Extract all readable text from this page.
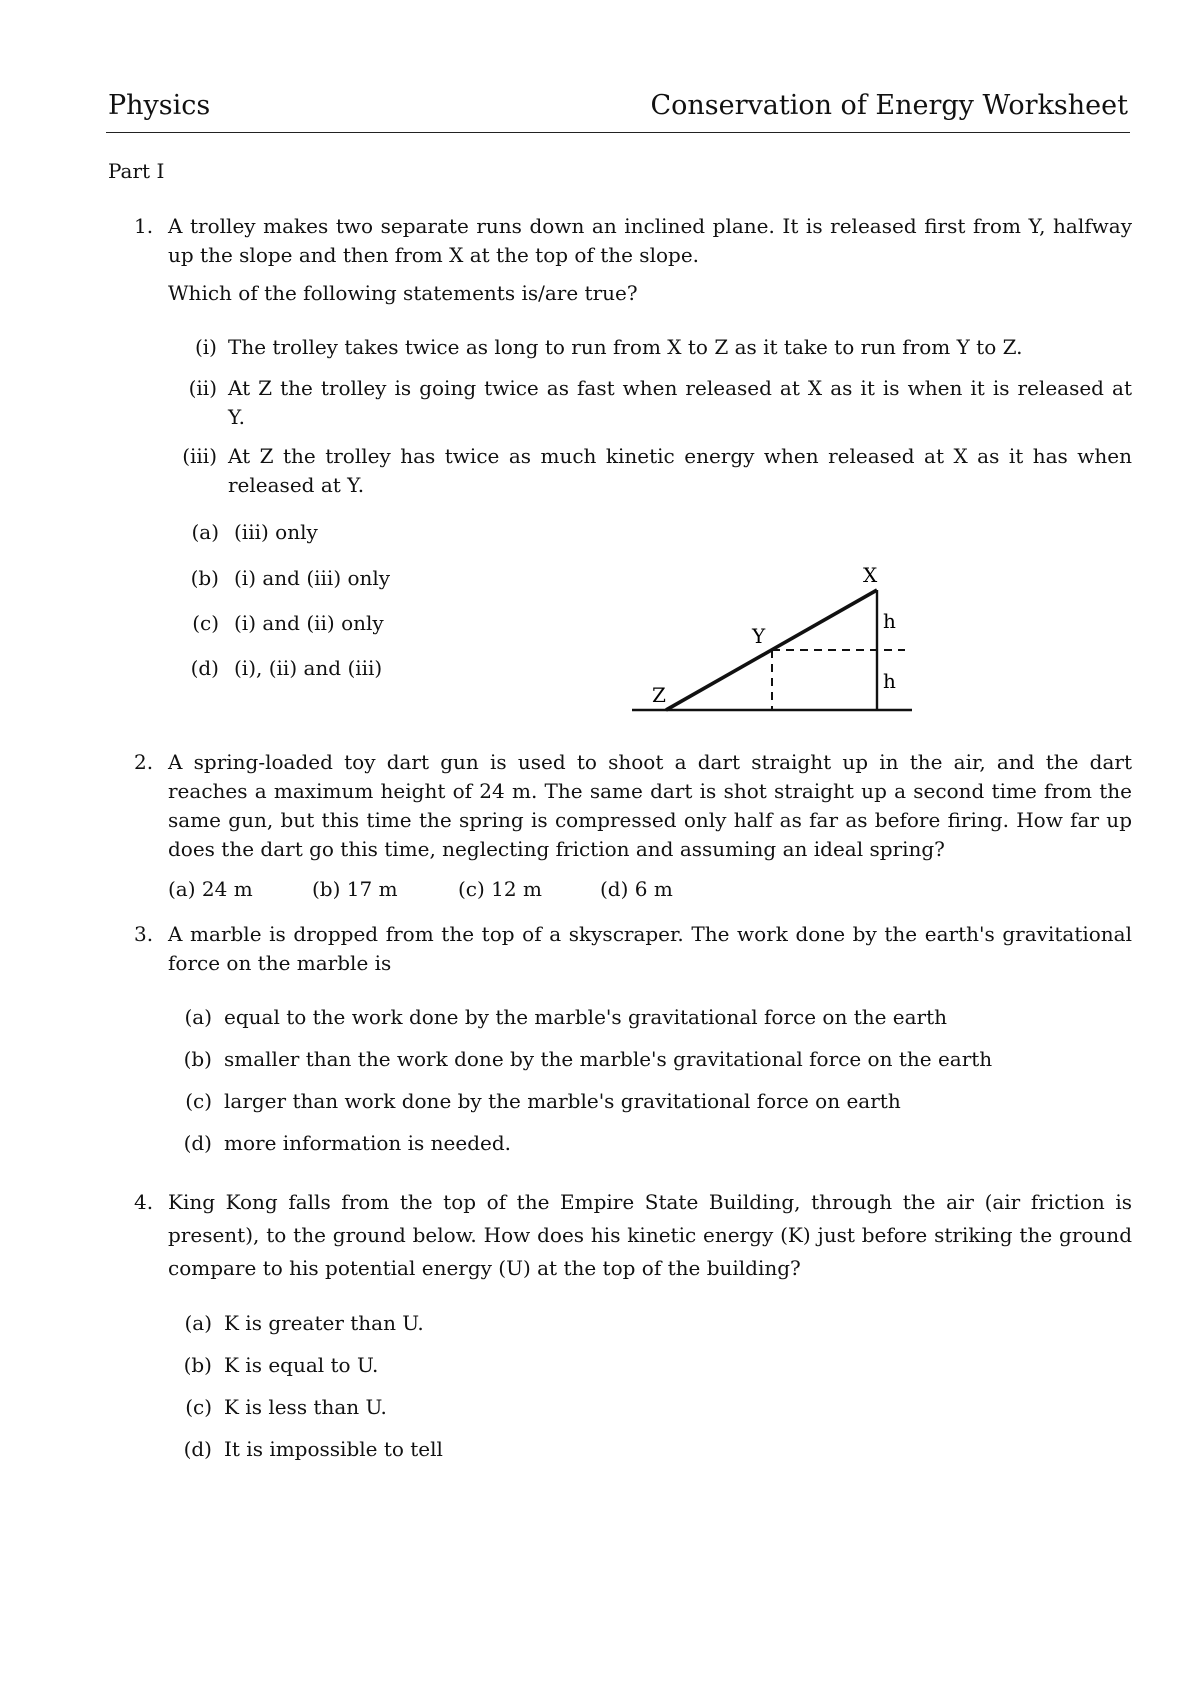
Physics	Conservation of Energy Worksheet
Part I
1. A trolley makes two separate runs down an inclined plane. It is released first from Y, halfway
up the slope and then from X at the top of the slope.
Which of the following statements is/are true?
(i) The trolley takes twice as long to run from X to Z as it take to run from Y to Z.
(ii) At Z the trolley is going twice as fast when released at X as it is when it is released at
Y.
(iii) At Z the trolley has twice as much kinetic energy when released at X as it has when
released at Y.
(a) (iii) only
(b) (i) and (iii) only
(c) (i) and (ii) only
(d) (i), (ii) and (iii)
X
Y
Z
h
h
2. A spring-loaded toy dart gun is used to shoot a dart straight up in the air, and the dart
reaches a maximum height of 24 m. The same dart is shot straight up a second time from the
same gun, but this time the spring is compressed only half as far as before firing. How far up
does the dart go this time, neglecting friction and assuming an ideal spring?
(a) 24 m	(b) 17 m	(c) 12 m	(d) 6 m
3. A marble is dropped from the top of a skyscraper. The work done by the earth's gravitational
force on the marble is
(a) equal to the work done by the marble's gravitational force on the earth
(b) smaller than the work done by the marble's gravitational force on the earth
(c) larger than work done by the marble's gravitational force on earth
(d) more information is needed.
4. King Kong falls from the top of the Empire State Building, through the air (air friction is
present), to the ground below. How does his kinetic energy (K) just before striking the ground
compare to his potential energy (U) at the top of the building?
(a) K is greater than U.
(b) K is equal to U.
(c) K is less than U.
(d) It is impossible to tell
